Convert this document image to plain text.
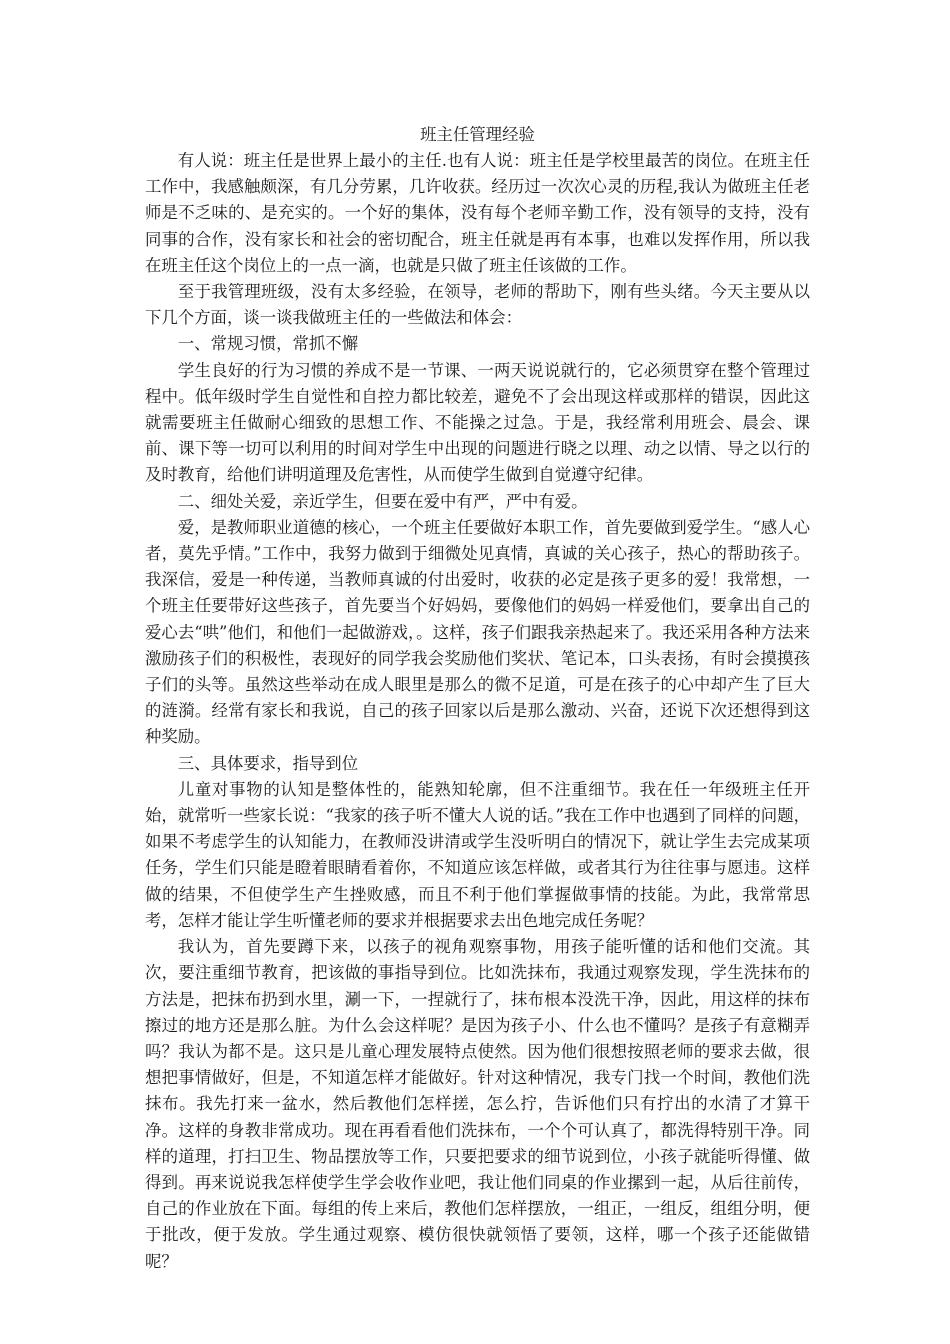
班主任管理经验

有人说：班主任是世界上最小的主任.也有人说：班主任是学校里最苦的岗位。在班主任工作中，我感触颇深，有几分劳累，几许收获。经历过一次次心灵的历程,我认为做班主任老师是不乏味的、是充实的。一个好的集体，没有每个老师辛勤工作，没有领导的支持，没有同事的合作，没有家长和社会的密切配合，班主任就是再有本事，也难以发挥作用，所以我在班主任这个岗位上的一点一滴，也就是只做了班主任该做的工作。

至于我管理班级，没有太多经验，在领导，老师的帮助下，刚有些头绪。今天主要从以下几个方面，谈一谈我做班主任的一些做法和体会：

一、常规习惯，常抓不懈

学生良好的行为习惯的养成不是一节课、一两天说说就行的，它必须贯穿在整个管理过程中。低年级时学生自觉性和自控力都比较差，避免不了会出现这样或那样的错误，因此这就需要班主任做耐心细致的思想工作、不能操之过急。于是，我经常利用班会、晨会、课前、课下等一切可以利用的时间对学生中出现的问题进行晓之以理、动之以情、导之以行的及时教育，给他们讲明道理及危害性，从而使学生做到自觉遵守纪律。

二、细处关爱，亲近学生，但要在爱中有严，严中有爱。

爱，是教师职业道德的核心，一个班主任要做好本职工作，首先要做到爱学生。“感人心者，莫先乎情。”工作中，我努力做到于细微处见真情，真诚的关心孩子，热心的帮助孩子。我深信，爱是一种传递，当教师真诚的付出爱时，收获的必定是孩子更多的爱！我常想，一个班主任要带好这些孩子，首先要当个好妈妈，要像他们的妈妈一样爱他们，要拿出自己的爱心去“哄”他们，和他们一起做游戏，。这样，孩子们跟我亲热起来了。我还采用各种方法来激励孩子们的积极性，表现好的同学我会奖励他们奖状、笔记本，口头表扬，有时会摸摸孩子们的头等。虽然这些举动在成人眼里是那么的微不足道，可是在孩子的心中却产生了巨大的涟漪。经常有家长和我说，自己的孩子回家以后是那么激动、兴奋，还说下次还想得到这种奖励。

三、具体要求，指导到位

儿童对事物的认知是整体性的，能熟知轮廓，但不注重细节。我在任一年级班主任开始，就常听一些家长说：“我家的孩子听不懂大人说的话。”我在工作中也遇到了同样的问题，如果不考虑学生的认知能力，在教师没讲清或学生没听明白的情况下，就让学生去完成某项任务，学生们只能是瞪着眼睛看着你，不知道应该怎样做，或者其行为往往事与愿违。这样做的结果，不但使学生产生挫败感，而且不利于他们掌握做事情的技能。为此，我常常思考，怎样才能让学生听懂老师的要求并根据要求去出色地完成任务呢？

我认为，首先要蹲下来，以孩子的视角观察事物，用孩子能听懂的话和他们交流。其次，要注重细节教育，把该做的事指导到位。比如洗抹布，我通过观察发现，学生洗抹布的方法是，把抹布扔到水里，涮一下，一捏就行了，抹布根本没洗干净，因此，用这样的抹布擦过的地方还是那么脏。为什么会这样呢？是因为孩子小、什么也不懂吗？是孩子有意糊弄吗？我认为都不是。这只是儿童心理发展特点使然。因为他们很想按照老师的要求去做，很想把事情做好，但是，不知道怎样才能做好。针对这种情况，我专门找一个时间，教他们洗抹布。我先打来一盆水，然后教他们怎样搓，怎么拧，告诉他们只有拧出的水清了才算干净。这样的身教非常成功。现在再看看他们洗抹布，一个个可认真了，都洗得特别干净。同样的道理，打扫卫生、物品摆放等工作，只要把要求的细节说到位，小孩子就能听得懂、做得到。再来说说我怎样使学生学会收作业吧，我让他们同桌的作业摞到一起，从后往前传，自己的作业放在下面。每组的传上来后，教他们怎样摆放，一组正，一组反，组组分明，便于批改，便于发放。学生通过观察、模仿很快就领悟了要领，这样，哪一个孩子还能做错呢？
